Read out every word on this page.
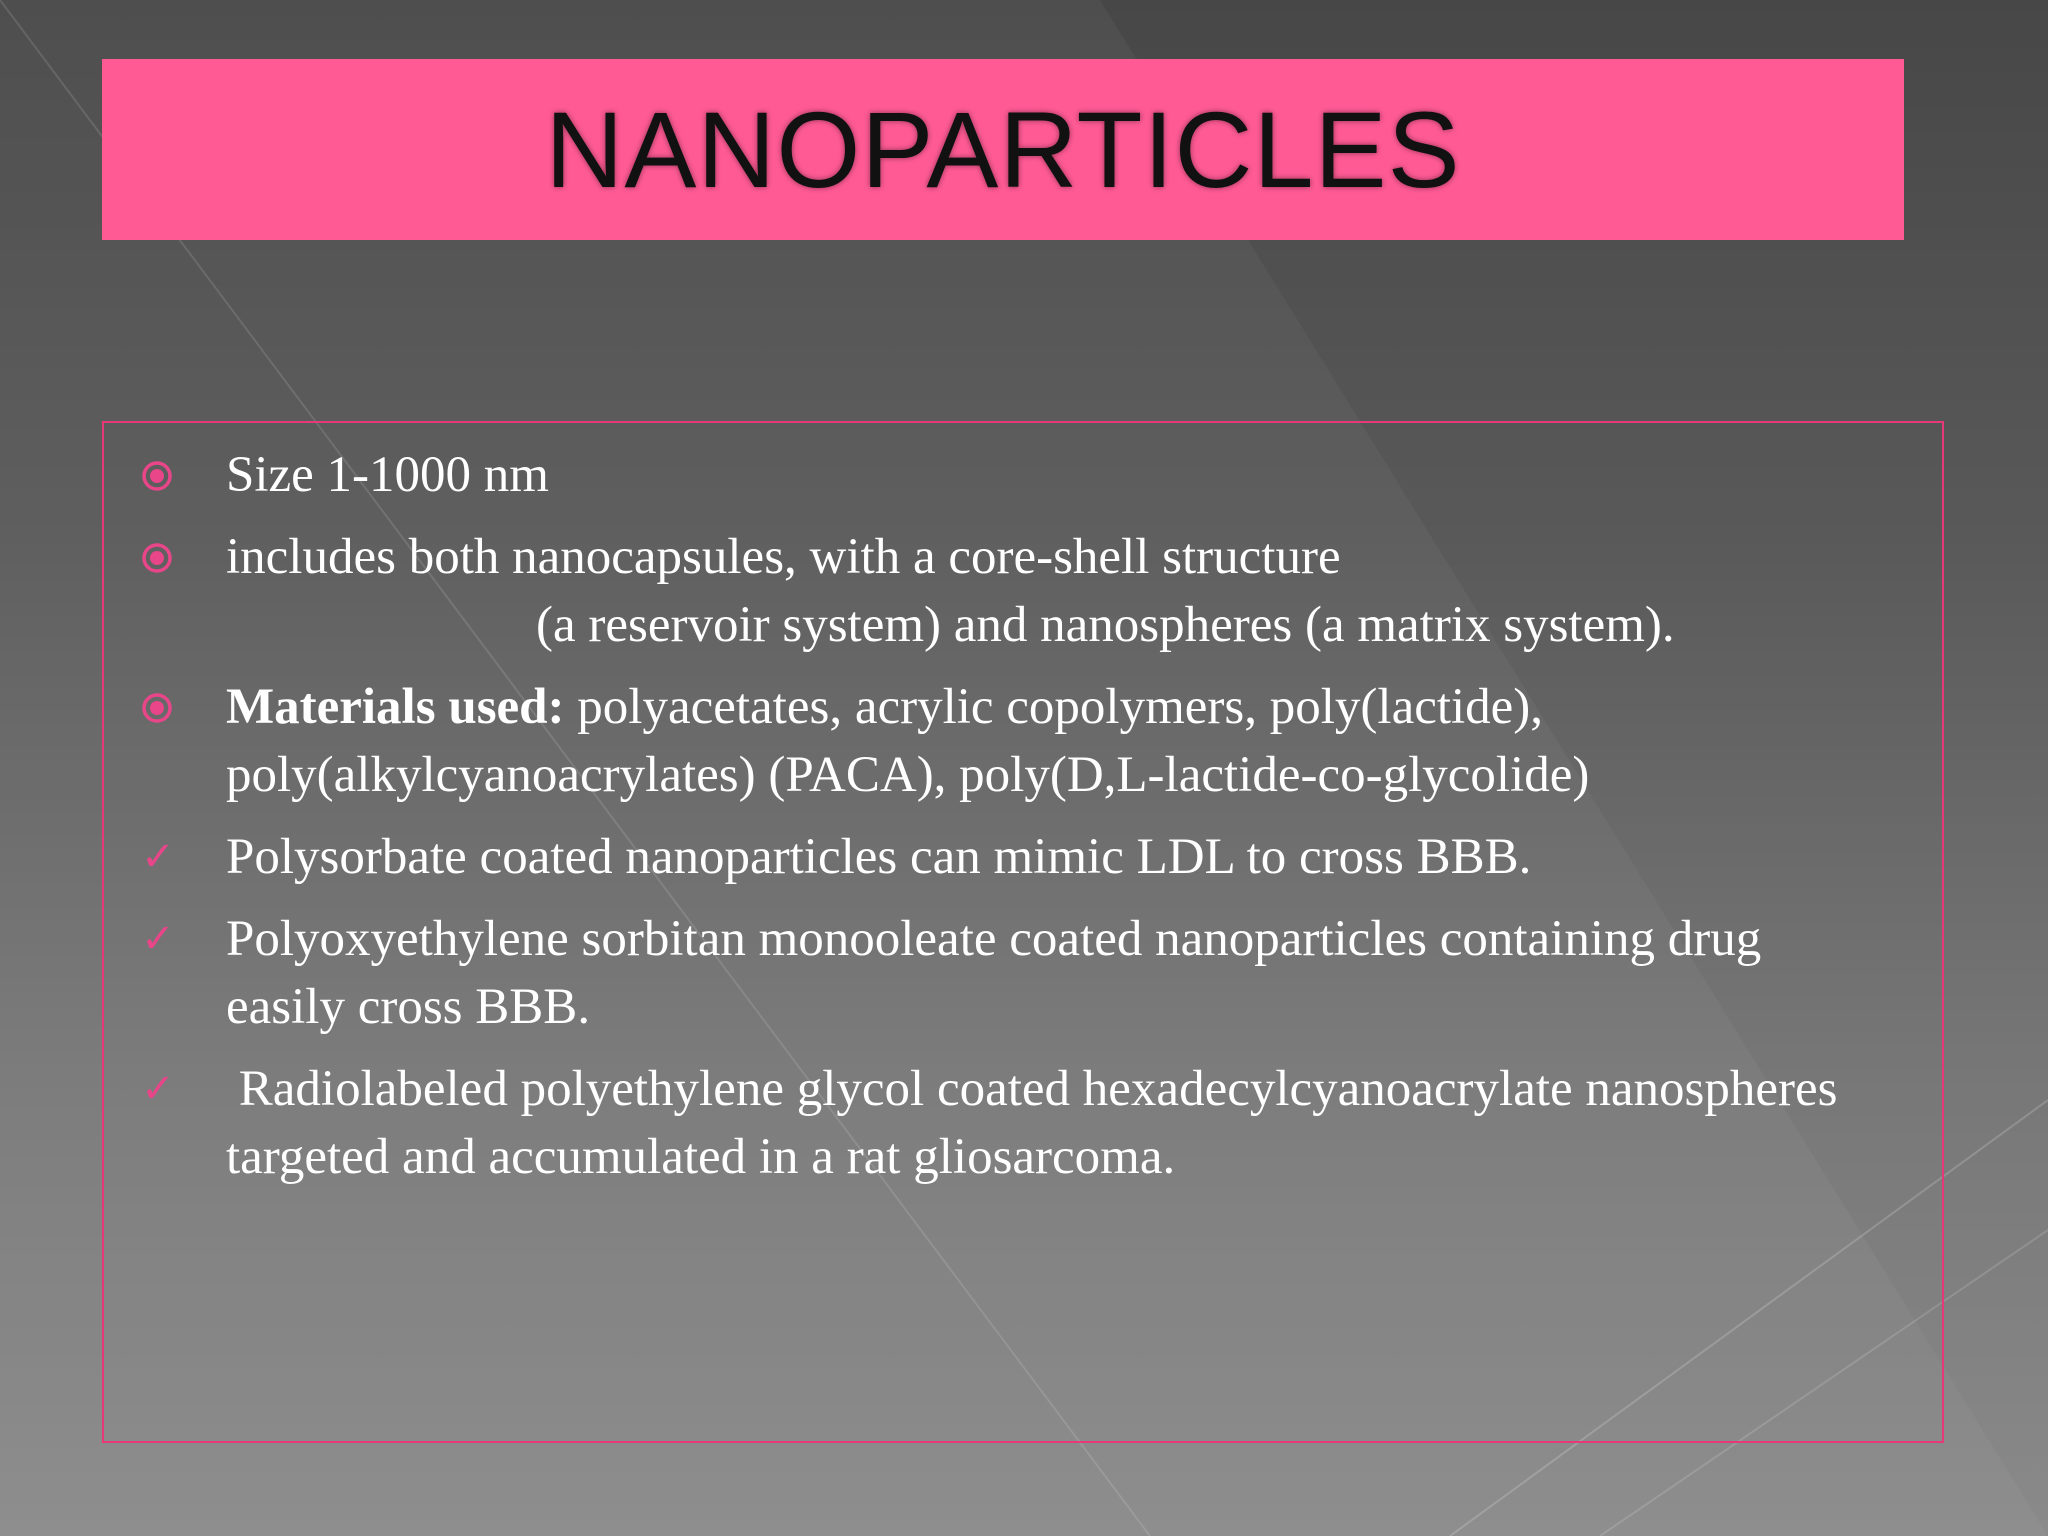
NANOPARTICLES
Size 1-1000 nm
includes both nanocapsules, with a core-shell structure
(a reservoir system) and nanospheres (a matrix system).
Materials used: polyacetates, acrylic copolymers, poly(lactide), poly(alkylcyanoacrylates) (PACA), poly(D,L-lactide-co-glycolide)
✓ Polysorbate coated nanoparticles can mimic LDL to cross BBB.
✓ Polyoxyethylene sorbitan monooleate coated nanoparticles containing drug easily cross BBB.
✓ Radiolabeled polyethylene glycol coated hexadecylcyanoacrylate nanospheres targeted and accumulated in a rat gliosarcoma.
